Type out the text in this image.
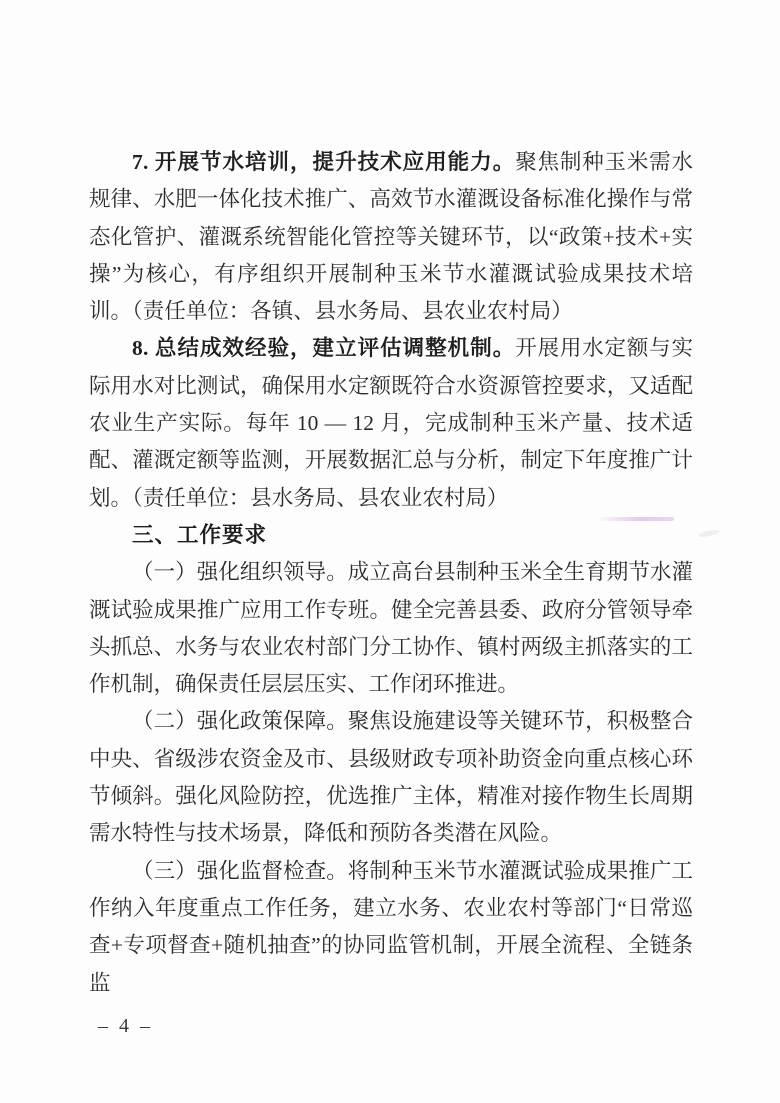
7. 开展节水培训，提升技术应用能力。聚焦制种玉米需水规律、水肥一体化技术推广、高效节水灌溉设备标准化操作与常态化管护、灌溉系统智能化管控等关键环节，以“政策+技术+实操”为核心，有序组织开展制种玉米节水灌溉试验成果技术培训。（责任单位：各镇、县水务局、县农业农村局）

8. 总结成效经验，建立评估调整机制。开展用水定额与实际用水对比测试，确保用水定额既符合水资源管控要求，又适配农业生产实际。每年 10 — 12 月，完成制种玉米产量、技术适配、灌溉定额等监测，开展数据汇总与分析，制定下年度推广计划。（责任单位：县水务局、县农业农村局）

三、工作要求

（一）强化组织领导。成立高台县制种玉米全生育期节水灌溉试验成果推广应用工作专班。健全完善县委、政府分管领导牵头抓总、水务与农业农村部门分工协作、镇村两级主抓落实的工作机制，确保责任层层压实、工作闭环推进。

（二）强化政策保障。聚焦设施建设等关键环节，积极整合中央、省级涉农资金及市、县级财政专项补助资金向重点核心环节倾斜。强化风险防控，优选推广主体，精准对接作物生长周期需水特性与技术场景，降低和预防各类潜在风险。

（三）强化监督检查。将制种玉米节水灌溉试验成果推广工作纳入年度重点工作任务，建立水务、农业农村等部门“日常巡查+专项督查+随机抽查”的协同监管机制，开展全流程、全链条监

– 4 –
